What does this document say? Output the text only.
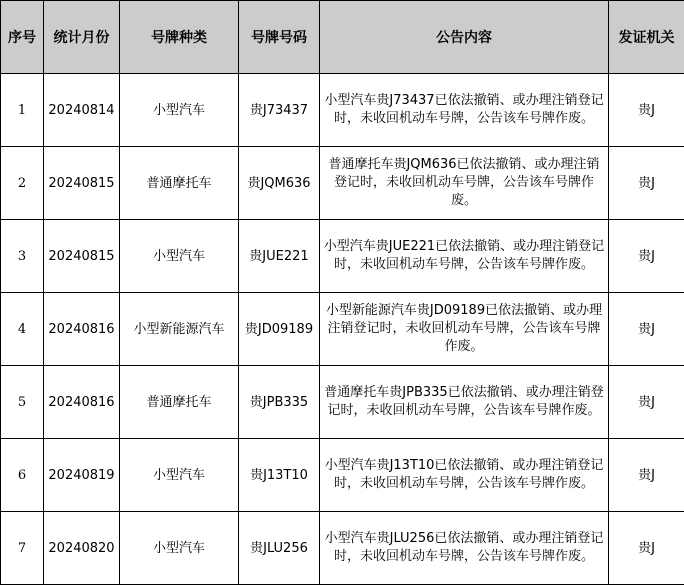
序号	统计月份	号牌种类	号牌号码	公告内容	发证机关
1	20240814	小型汽车	贵J73437	小型汽车贵J73437已依法撤销、或办理注销登记时，未收回机动车号牌，公告该车号牌作废。	贵J
2	20240815	普通摩托车	贵JQM636	普通摩托车贵JQM636已依法撤销、或办理注销登记时，未收回机动车号牌，公告该车号牌作废。	贵J
3	20240815	小型汽车	贵JUE221	小型汽车贵JUE221已依法撤销、或办理注销登记时，未收回机动车号牌，公告该车号牌作废。	贵J
4	20240816	小型新能源汽车	贵JD09189	小型新能源汽车贵JD09189已依法撤销、或办理注销登记时，未收回机动车号牌，公告该车号牌作废。	贵J
5	20240816	普通摩托车	贵JPB335	普通摩托车贵JPB335已依法撤销、或办理注销登记时，未收回机动车号牌，公告该车号牌作废。	贵J
6	20240819	小型汽车	贵J13T10	小型汽车贵J13T10已依法撤销、或办理注销登记时，未收回机动车号牌，公告该车号牌作废。	贵J
7	20240820	小型汽车	贵JLU256	小型汽车贵JLU256已依法撤销、或办理注销登记时，未收回机动车号牌，公告该车号牌作废。	贵J
